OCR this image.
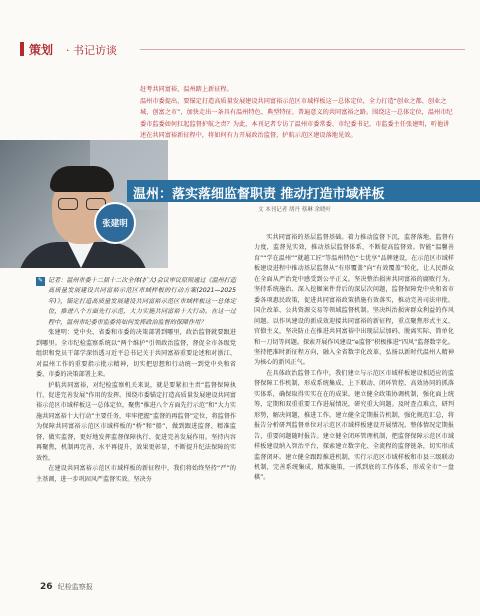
策划 · 书记访谈

赶考共同富裕，温州踏上新征程。

温州市委提出，要锚定打造高质量发展建设共同富裕示范区市域样板这一总体定位，全力打造“创业之都、创业之城、创富之市”，加快走出一条具有温州特色、典型特征、普遍意义的共同富裕之路。围绕这一总体定位，温州市纪委市监委如何扛起监督护航之责？为此，本刊记者专访了温州市委常委、市纪委书记、市监委主任张建明，听他讲述在共同富裕新征程中，将如何有力开展政治监督，护航示范区建设落地见效。

温州：落实落细监督职责 推动打造市域样板
文 本刊记者 胡丹 蔡琳 余晓叶
张建明
✎ 记者：温州市委十二届十二次全体(扩大)会议审议原则通过《温州打造高质量发展建设共同富裕示范区市域样板的行动方案(2021—2025年)》，锚定打造高质量发展建设共同富裕示范区市域样板这一总体定位，推进八个方面先行示范，大力实施共同富裕十大行动。在这一过程中，温州市纪委市监委将如何发挥政治监督的保障作用？

张建明：党中央、省委和市委的决策部署到哪里，政治监督就要跟进到哪里。全市纪检监察系统以“两个维护”引领政治监督，督促全市各级党组织和党员干部学深悟透习近平总书记关于共同富裕重要论述和对浙江、对温州工作的重要指示批示精神，切实把思想和行动统一到党中央和省委、市委的决策部署上来。

护航共同富裕，对纪检监察机关来说，就是要紧扣主责“监督保障执行，促进完善发展”作用的发挥。围绕市委锚定打造高质量发展建设共同富裕示范区市域样板这一总体定位，聚焦“推进八个方面先行示范”和“大力实施共同富裕十大行动”主要任务，牢牢把握“监督的再监督”定位，将监督作为保障共同富裕示范区市域样板的“桥”和“船”，做到跟进监督、精准监督、做实监督，更好地发挥监督保障执行、促进完善发展作用。坚持内容再聚焦，机制再完善，水平再提升，效果更彰显，不断提升纪法保障的实效性。

在建设共同富裕示范区市域样板的新征程中，我们将始终坚持“严”的主基调，进一步巩固风严监督实效。坚决夯

实共同富裕的基层监督基础。着力推动监督下沉，监督落地，监督有力度，监督见实效，推动基层监督体系，不断提高监督效。智能“温馨善育”“学在温州”“就越工匠”等温州特色“七优享”品牌建设，在示范区市域样板建设进程中推动基层监督从“有形覆盖”向“有效覆盖”转化，让人民群众在全面从严治党中感受到公平正义。坚决整治损害共同富裕的腐败行为。坚持系统施治、深入挖掘案件背后的深层次问题，监督保障党中央和省市委各项惠民政策，促进共同富裕政策措施有效落实，推动完善司法审批、国企改革、公共资源交易等领域监督机制。坚决纠治损害群众利益的作风问题。以作风建设的新成效迎接共同富裕的新征程，重点聚焦形式主义、官僚主义，坚决防止在推进共同富裕中出现层层加码、脱离实际、简单化和一刀切等问题。探索开展作风建设“e监督”积极推进“四风”监督数字化。坚持把准时新征程方向，融入全省数字化改革，弘扬以新时代温州人精神为核心的新风正气。

在具体政治监督工作中，我们建立与示范区市域样板建设相适应的监督保障工作机制，形成系统集成、上下联动、闭环管控、高效协同的抓落实体系，确保取得实实在在的成果。建立健全政策协调机制，强化面上统筹，定期和双重重要工作进展情况，研究重大问题。及时查点难点，研判形势，解决问题，推进工作。建立健全定期报告机制，强化规范汇总，将报告分析研判监督单位对示范区市域样板建设开展情况。整体情况定期报告，重要问题随时报告。建立健全闭环管理机制，把监督保障示范区市域样板建设纳入智治平台，探索建立数字化、全流程的监督链条，切实形成监督闭环。建立健全跟踪推进机制，实行示范区市域样板和市县三级联动机制，完善系统集成，精准施策，一抓到底的工作体系，形成全市“一盘棋”。

26 纪检监察报
